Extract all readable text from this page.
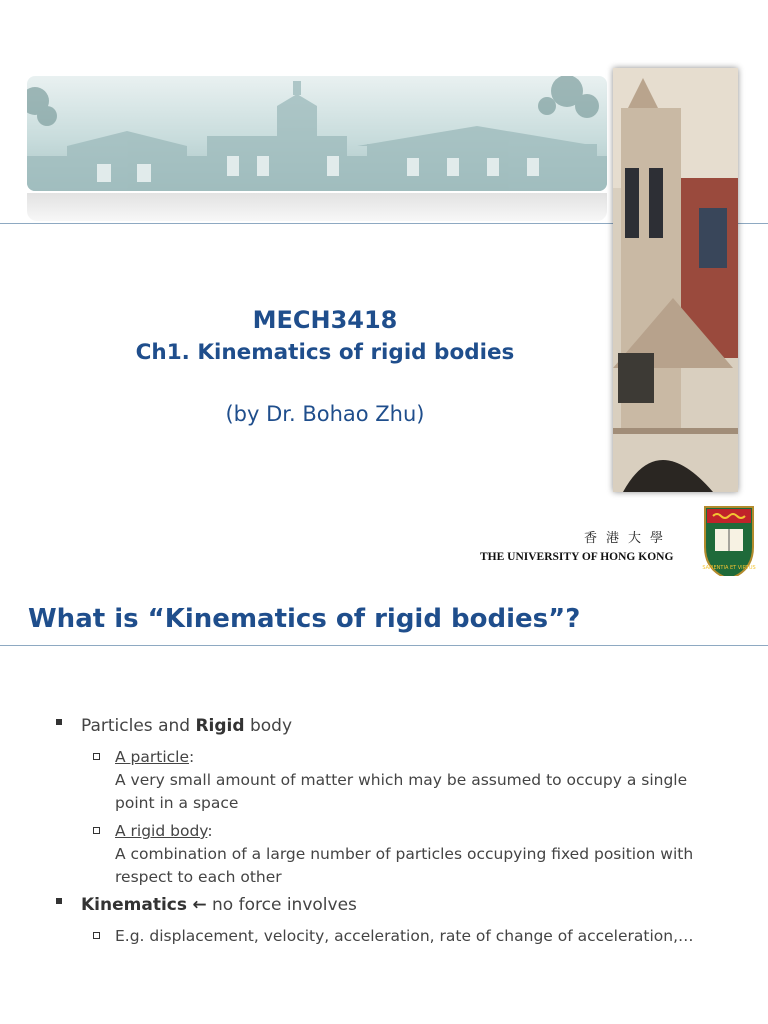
MECH3418
Ch1. Kinematics of rigid bodies
(by Dr. Bohao Zhu)
香港大學
THE UNIVERSITY OF HONG KONG
SAPIENTIA ET VIRTUS
What is “Kinematics of rigid bodies”?
Particles and Rigid body
A particle:
A very small amount of matter which may be assumed to occupy a single point in a space
A rigid body:
A combination of a large number of particles occupying fixed position with respect to each other
Kinematics ← no force involves
E.g. displacement, velocity, acceleration, rate of change of acceleration,…
